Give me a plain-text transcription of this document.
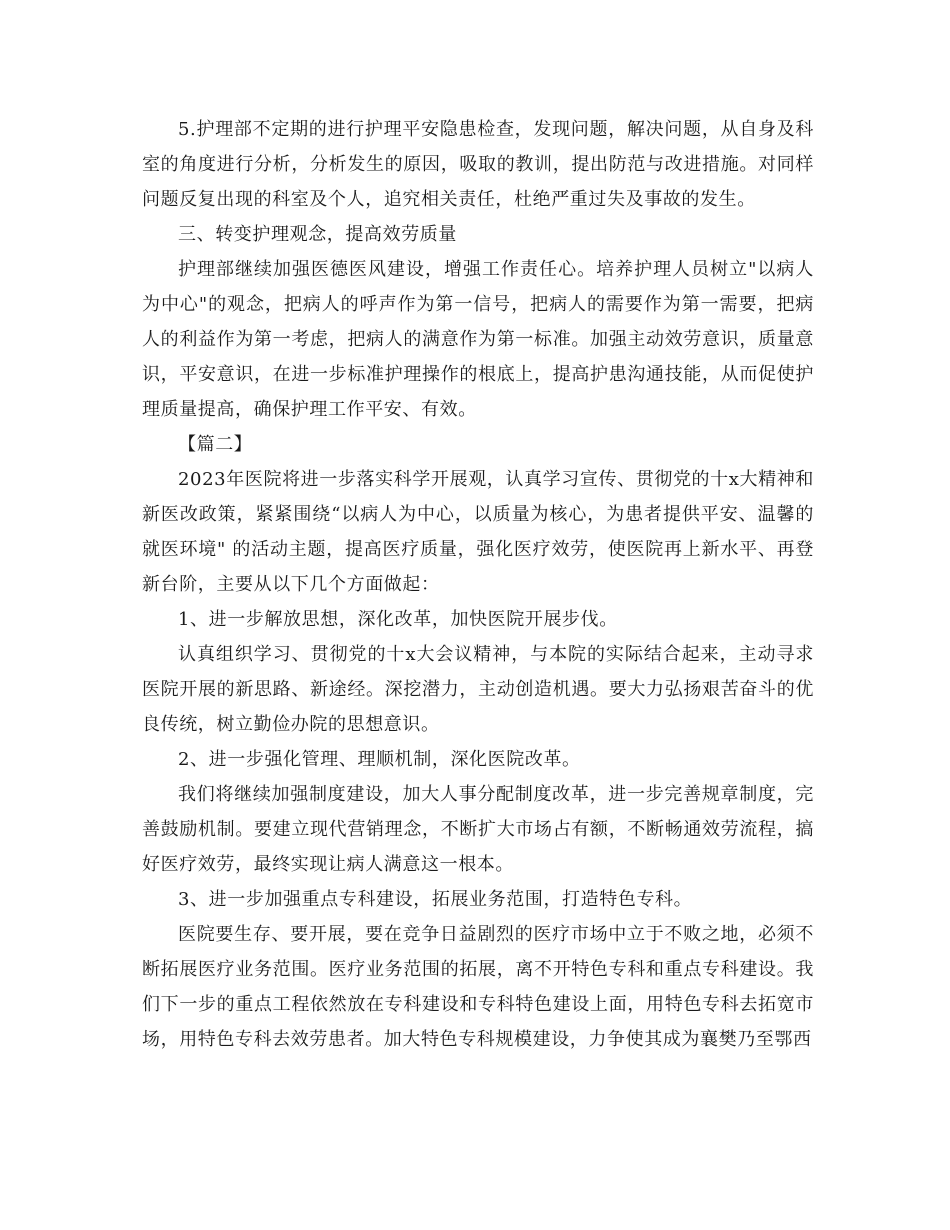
5.护理部不定期的进行护理平安隐患检查，发现问题，解决问题，从自身及科室的角度进行分析，分析发生的原因，吸取的教训，提出防范与改进措施。对同样问题反复出现的科室及个人，追究相关责任，杜绝严重过失及事故的发生。

三、转变护理观念，提高效劳质量

护理部继续加强医德医风建设，增强工作责任心。培养护理人员树立"以病人为中心"的观念，把病人的呼声作为第一信号，把病人的需要作为第一需要，把病人的利益作为第一考虑，把病人的满意作为第一标准。加强主动效劳意识，质量意识，平安意识，在进一步标准护理操作的根底上，提高护患沟通技能，从而促使护理质量提高，确保护理工作平安、有效。

【篇二】

2023年医院将进一步落实科学开展观，认真学习宣传、贯彻党的十x大精神和新医改政策，紧紧围绕“以病人为中心，以质量为核心，为患者提供平安、温馨的就医环境" 的活动主题，提高医疗质量，强化医疗效劳，使医院再上新水平、再登新台阶，主要从以下几个方面做起：

1、进一步解放思想，深化改革，加快医院开展步伐。

认真组织学习、贯彻党的十x大会议精神，与本院的实际结合起来，主动寻求医院开展的新思路、新途经。深挖潜力，主动创造机遇。要大力弘扬艰苦奋斗的优良传统，树立勤俭办院的思想意识。

2、进一步强化管理、理顺机制，深化医院改革。

我们将继续加强制度建设，加大人事分配制度改革，进一步完善规章制度，完善鼓励机制。要建立现代营销理念，不断扩大市场占有额，不断畅通效劳流程，搞好医疗效劳，最终实现让病人满意这一根本。

3、进一步加强重点专科建设，拓展业务范围，打造特色专科。

医院要生存、要开展，要在竞争日益剧烈的医疗市场中立于不败之地，必须不断拓展医疗业务范围。医疗业务范围的拓展，离不开特色专科和重点专科建设。我们下一步的重点工程依然放在专科建设和专科特色建设上面，用特色专科去拓宽市场，用特色专科去效劳患者。加大特色专科规模建设，力争使其成为襄樊乃至鄂西
